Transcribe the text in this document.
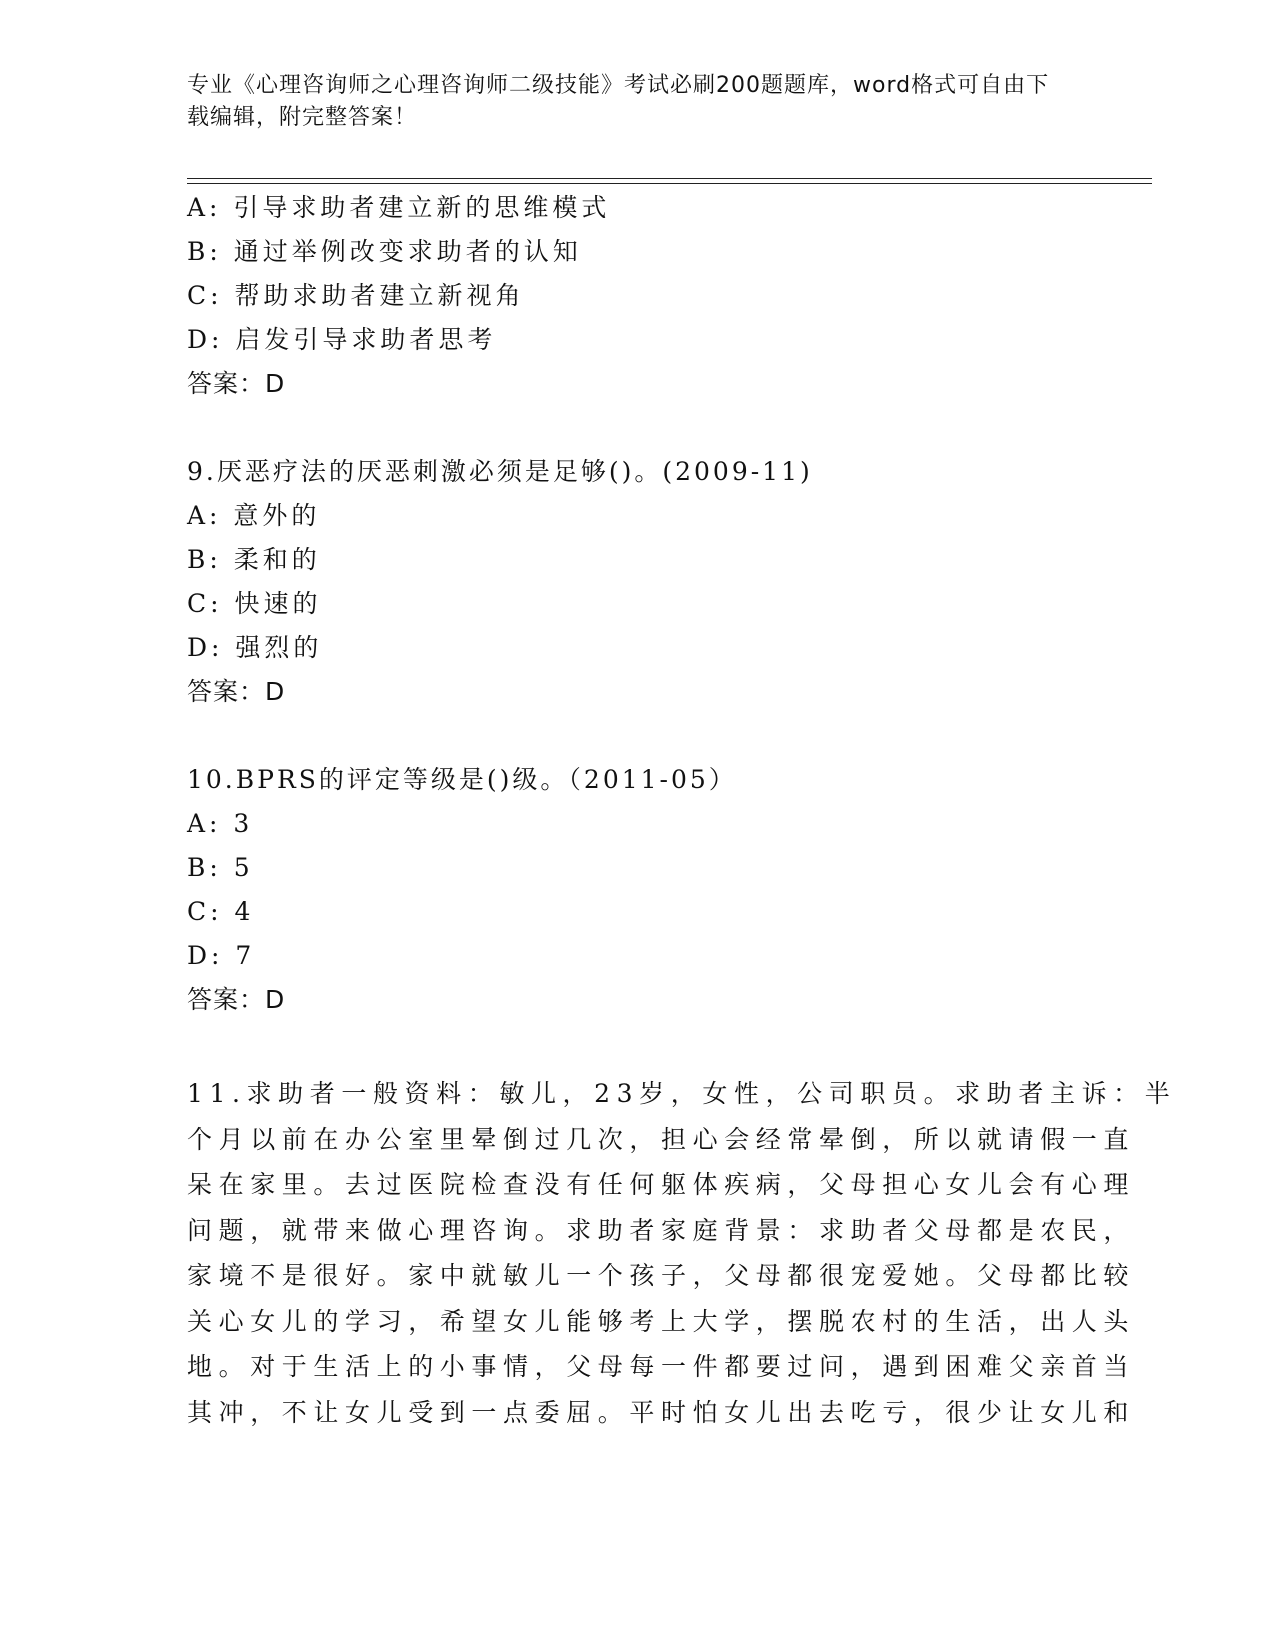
专业《心理咨询师之心理咨询师二级技能》考试必刷200题题库，word格式可自由下载编辑，附完整答案！
A: 引导求助者建立新的思维模式
B: 通过举例改变求助者的认知
C: 帮助求助者建立新视角
D: 启发引导求助者思考
答案：D
9.厌恶疗法的厌恶刺激必须是足够()。(2009-11)
A: 意外的
B: 柔和的
C: 快速的
D: 强烈的
答案：D
10.BPRS的评定等级是()级。（2011-05）
A: 3
B: 5
C: 4
D: 7
答案：D
11.求助者一般资料：敏儿，23岁，女性，公司职员。求助者主诉：半
个月以前在办公室里晕倒过几次，担心会经常晕倒，所以就请假一直
呆在家里。去过医院检查没有任何躯体疾病，父母担心女儿会有心理
问题，就带来做心理咨询。求助者家庭背景：求助者父母都是农民，
家境不是很好。家中就敏儿一个孩子，父母都很宠爱她。父母都比较
关心女儿的学习，希望女儿能够考上大学，摆脱农村的生活，出人头
地。对于生活上的小事情，父母每一件都要过问，遇到困难父亲首当
其冲，不让女儿受到一点委屈。平时怕女儿出去吃亏，很少让女儿和
